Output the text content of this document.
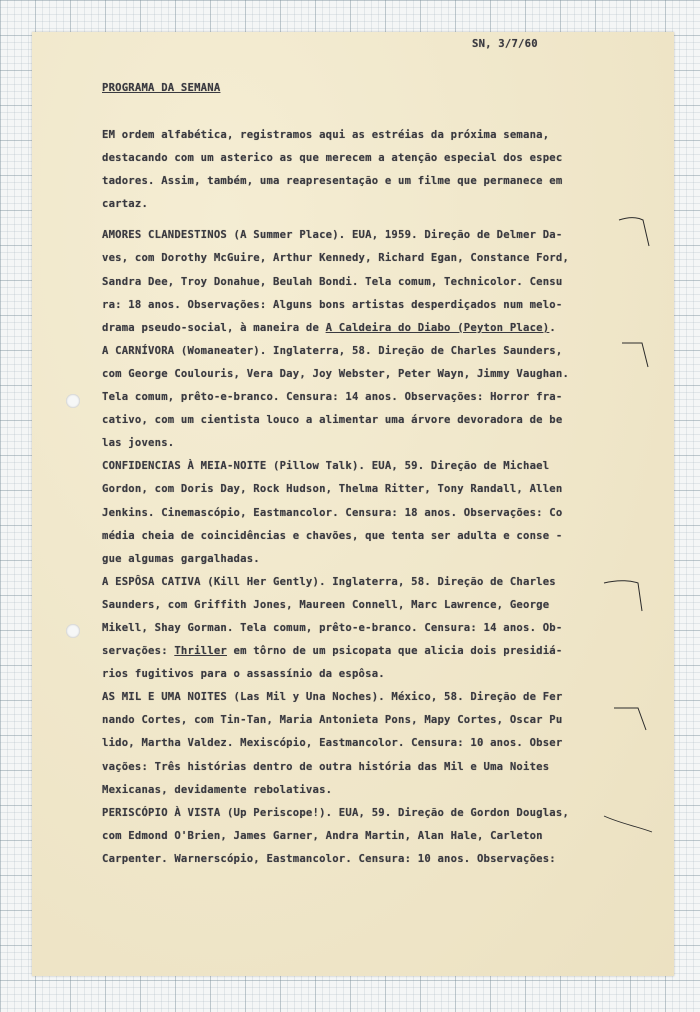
SN, 3/7/60
PROGRAMA DA SEMANA
EM ordem alfabética, registramos aqui as estréias da próxima semana,
destacando com um asterico as que merecem a atenção especial dos espec
tadores. Assim, também, uma reapresentação e um filme que permanece em
cartaz.
AMORES CLANDESTINOS (A Summer Place). EUA, 1959. Direção de Delmer Da-
ves, com Dorothy McGuire, Arthur Kennedy, Richard Egan, Constance Ford,
Sandra Dee, Troy Donahue, Beulah Bondi. Tela comum, Technicolor. Censu
ra: 18 anos. Observações: Alguns bons artistas desperdiçados num melo-
drama pseudo-social, à maneira de A Caldeira do Diabo (Peyton Place).
A CARNÍVORA (Womaneater). Inglaterra, 58. Direção de Charles Saunders,
com George Coulouris, Vera Day, Joy Webster, Peter Wayn, Jimmy Vaughan.
Tela comum, prêto-e-branco. Censura: 14 anos. Observações: Horror fra-
cativo, com um cientista louco a alimentar uma árvore devoradora de be
las jovens.
CONFIDENCIAS À MEIA-NOITE (Pillow Talk). EUA, 59. Direção de Michael
Gordon, com Doris Day, Rock Hudson, Thelma Ritter, Tony Randall, Allen
Jenkins. Cinemascópio, Eastmancolor. Censura: 18 anos. Observações: Co
média cheia de coincidências e chavões, que tenta ser adulta e conse -
gue algumas gargalhadas.
A ESPÔSA CATIVA (Kill Her Gently). Inglaterra, 58. Direção de Charles
Saunders, com Griffith Jones, Maureen Connell, Marc Lawrence, George
Mikell, Shay Gorman. Tela comum, prêto-e-branco. Censura: 14 anos. Ob-
servações: Thriller em tôrno de um psicopata que alicia dois presidiá-
rios fugitivos para o assassínio da espôsa.
AS MIL E UMA NOITES (Las Mil y Una Noches). México, 58. Direção de Fer
nando Cortes, com Tin-Tan, Maria Antonieta Pons, Mapy Cortes, Oscar Pu
lido, Martha Valdez. Mexiscópio, Eastmancolor. Censura: 10 anos. Obser
vações: Três histórias dentro de outra história das Mil e Uma Noites
Mexicanas, devidamente rebolativas.
PERISCÓPIO À VISTA (Up Periscope!). EUA, 59. Direção de Gordon Douglas,
com Edmond O'Brien, James Garner, Andra Martin, Alan Hale, Carleton
Carpenter. Warnerscópio, Eastmancolor. Censura: 10 anos. Observações:
